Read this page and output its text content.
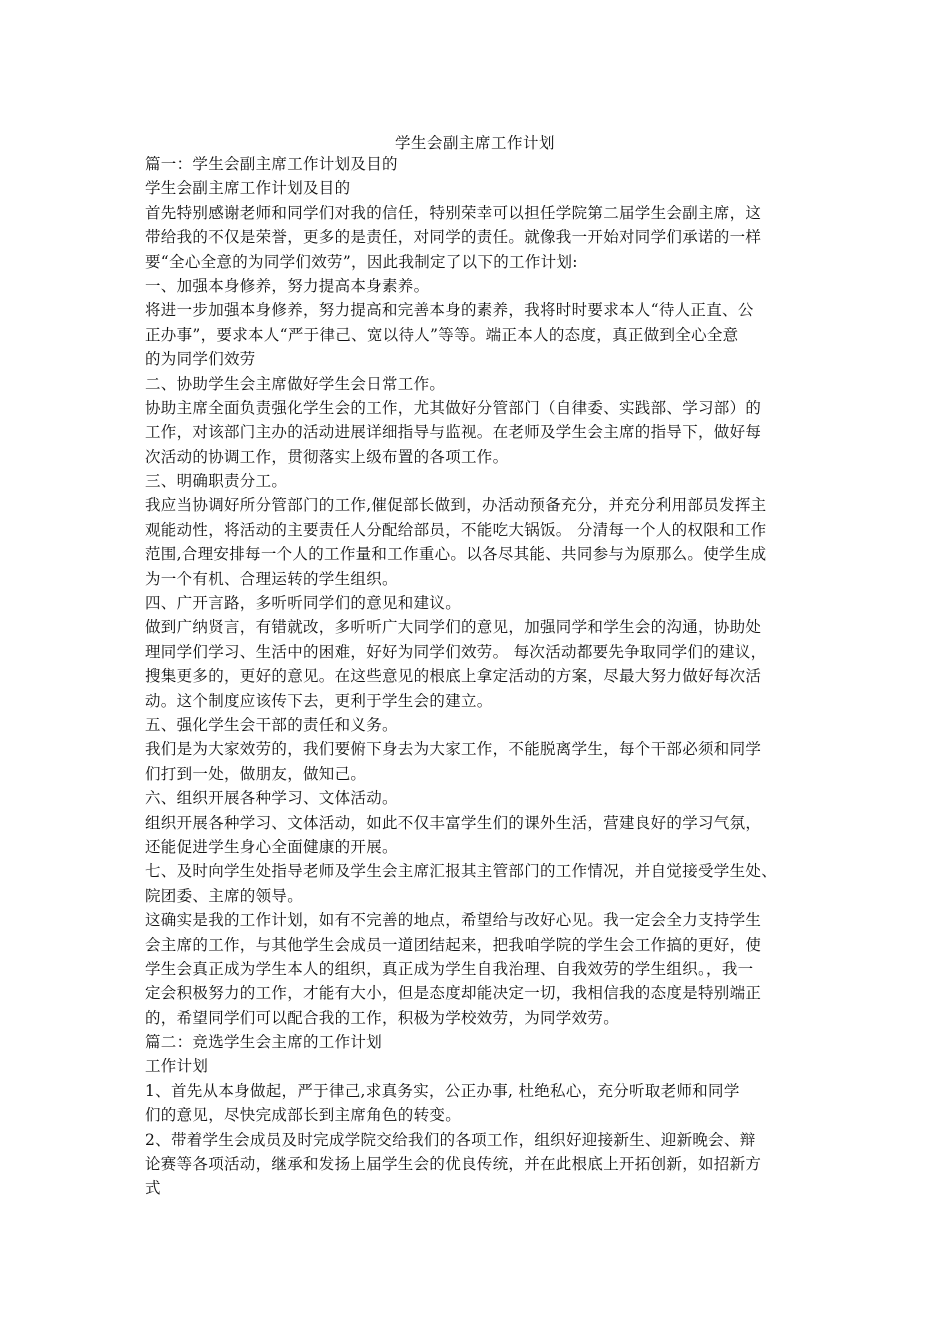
学生会副主席工作计划
篇一：学生会副主席工作计划及目的
学生会副主席工作计划及目的
首先特别感谢老师和同学们对我的信任，特别荣幸可以担任学院第二届学生会副主席，这
带给我的不仅是荣誉，更多的是责任，对同学的责任。就像我一开始对同学们承诺的一样
要“全心全意的为同学们效劳”，因此我制定了以下的工作计划:
一、加强本身修养，努力提高本身素养。
将进一步加强本身修养，努力提高和完善本身的素养，我将时时要求本人“待人正直、公
正办事”，要求本人“严于律己、宽以待人”等等。端正本人的态度，真正做到全心全意
的为同学们效劳
二、协助学生会主席做好学生会日常工作。
协助主席全面负责强化学生会的工作，尤其做好分管部门（自律委、实践部、学习部）的
工作，对该部门主办的活动进展详细指导与监视。在老师及学生会主席的指导下，做好每
次活动的协调工作，贯彻落实上级布置的各项工作。
三、明确职责分工。
我应当协调好所分管部门的工作,催促部长做到，办活动预备充分，并充分利用部员发挥主
观能动性，将活动的主要责任人分配给部员，不能吃大锅饭。 分清每一个人的权限和工作
范围,合理安排每一个人的工作量和工作重心。以各尽其能、共同参与为原那么。使学生成
为一个有机、合理运转的学生组织。
四、广开言路，多听听同学们的意见和建议。
做到广纳贤言，有错就改，多听听广大同学们的意见，加强同学和学生会的沟通，协助处
理同学们学习、生活中的困难，好好为同学们效劳。 每次活动都要先争取同学们的建议，
搜集更多的，更好的意见。在这些意见的根底上拿定活动的方案，尽最大努力做好每次活
动。这个制度应该传下去，更利于学生会的建立。
五、强化学生会干部的责任和义务。
我们是为大家效劳的，我们要俯下身去为大家工作，不能脱离学生，每个干部必须和同学
们打到一处，做朋友，做知己。
六、组织开展各种学习、文体活动。
组织开展各种学习、文体活动，如此不仅丰富学生们的课外生活，营建良好的学习气氛，
还能促进学生身心全面健康的开展。
七、及时向学生处指导老师及学生会主席汇报其主管部门的工作情况，并自觉接受学生处、
院团委、主席的领导。
这确实是我的工作计划，如有不完善的地点，希望给与改好心见。我一定会全力支持学生
会主席的工作，与其他学生会成员一道团结起来，把我咱学院的学生会工作搞的更好，使
学生会真正成为学生本人的组织，真正成为学生自我治理、自我效劳的学生组织。，我一
定会积极努力的工作，才能有大小，但是态度却能决定一切，我相信我的态度是特别端正
的，希望同学们可以配合我的工作，积极为学校效劳，为同学效劳。
篇二：竞选学生会主席的工作计划
工作计划
1、首先从本身做起，严于律己,求真务实，公正办事, 杜绝私心，充分听取老师和同学
们的意见，尽快完成部长到主席角色的转变。
2、带着学生会成员及时完成学院交给我们的各项工作，组织好迎接新生、迎新晚会、辩
论赛等各项活动，继承和发扬上届学生会的优良传统，并在此根底上开拓创新，如招新方
式
